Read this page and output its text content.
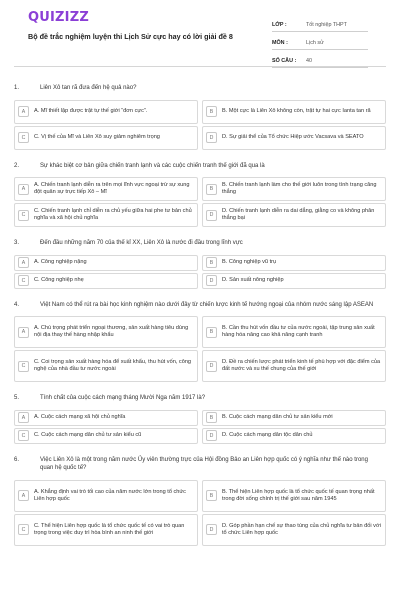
QUIZIZZ
Bộ đề trắc nghiệm luyện thi Lịch Sử cực hay có lời giải đề 8
LỚP :	Tốt nghiệp THPT
MÔN :	Lịch sử
SỐ CÂU :	40
1.	Liên Xô tan rã đưa đến hệ quả nào?
A	A. Mĩ thiết lập được trật tự thế giới “đơn cực”.	B	B. Một cực là Liên Xô không còn, trật tự hai cực Ianta tan rã
C	C. Vị thế của Mĩ và Liên Xô suy giảm nghiêm trọng	D	D. Sự giải thể của Tổ chức Hiệp ước Vacsava và SEATO
2.	Sự khác biệt cơ bản giữa chiến tranh lạnh và các cuộc chiến tranh thế giới đã qua là
A
A. Chiến tranh lạnh diễn ra trên mọi lĩnh vực ngoại trừ sự xung đột quân sự trực tiếp Xô – Mĩ	B
B. Chiến tranh lạnh làm cho thế giới luôn trong tình trạng căng thẳng
C
C. Chiến tranh lạnh chỉ diễn ra chủ yếu giữa hai phe tư bản chủ nghĩa và xã hội chủ nghĩa	D
D. Chiến tranh lạnh diễn ra dai dẳng, giằng co và không phân thắng bại
3.	Đến đầu những năm 70 của thế kỉ XX, Liên Xô là nước đi đầu trong lĩnh vực
A	A. Công nghiệp nặng	B	B. Công nghiệp vũ trụ
C	C. Công nghiệp nhẹ	D	D. Sản xuất nông nghiệp
4.	Việt Nam có thể rút ra bài học kinh nghiệm nào dưới đây từ chiến lược kinh tế hướng ngoại của nhóm nước sáng lập ASEAN
A
A. Chú trọng phát triển ngoại thương, sản xuất hàng tiêu dùng nội địa thay thế hàng nhập khẩu	B
B. Cần thu hút vốn đầu tư của nước ngoài, tập trung sản xuất hàng hóa nâng cao khả năng cạnh tranh
C
C. Coi trọng sản xuất hàng hóa để xuất khẩu, thu hút vốn, công nghệ của nhà đầu tư nước ngoài	D
D. Đề ra chiến lược phát triển kinh tế phù hợp với đặc điểm của đất nước và xu thế chung của thế giới
5.	Tính chất của cuộc cách mạng tháng Mười Nga năm 1917 là?
A	A. Cuộc cách mạng xã hội chủ nghĩa	B	B. Cuộc cách mạng dân chủ tư sản kiểu mới
C	C. Cuộc cách mạng dân chủ tư sản kiểu cũ	D	D. Cuộc cách mạng dân tộc dân chủ
6.	Việc Liên Xô là một trong năm nước Ủy viên thường trực của Hội đồng Bảo an Liên hợp quốc có ý nghĩa như thế nào trong quan hệ quốc tế?
A
A. Khẳng định vai trò tối cao của năm nước lớn trong tổ chức Liên hợp quốc	B
B. Thể hiện Liên hợp quốc là tổ chức quốc tế quan trọng nhất trong đời sống chính trị thế giới sau năm 1945
C
C. Thể hiện Liên hợp quốc là tổ chức quốc tế có vai trò quan trọng trong việc duy trì hòa bình an ninh thế giới	D
D. Góp phần hạn chế sự thao túng của chủ nghĩa tư bản đối với tổ chức Liên hợp quốc
